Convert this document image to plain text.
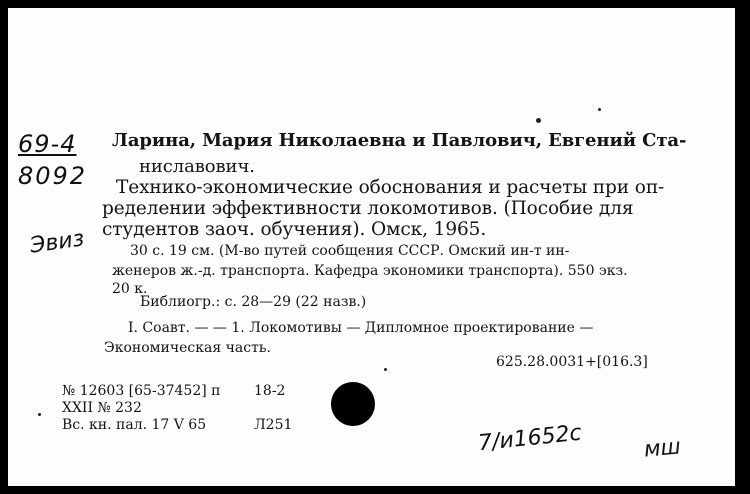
69-4
8092
Эвиз
Ларина, Мария Николаевна и Павлович, Евгений Ста-
ниславович.
Технико-экономические обоснования и расчеты при оп-
ределении эффективности локомотивов. (Пособие для
студентов заоч. обучения). Омск, 1965.
30 с. 19 см. (М-во путей сообщения СССР. Омский ин-т ин-
женеров ж.-д. транспорта. Кафедра экономики транспорта). 550 экз.
20 к.
Библиогр.: с. 28—29 (22 назв.)
I. Соавт. — — 1. Локомотивы — Дипломное проектирование —
Экономическая часть.
625.28.0031+[016.3]
№ 12603 [65-37452] п 18-2
XXII № 232
Вс. кн. пал. 17 V 65	Л251	7/и1652с	мш
